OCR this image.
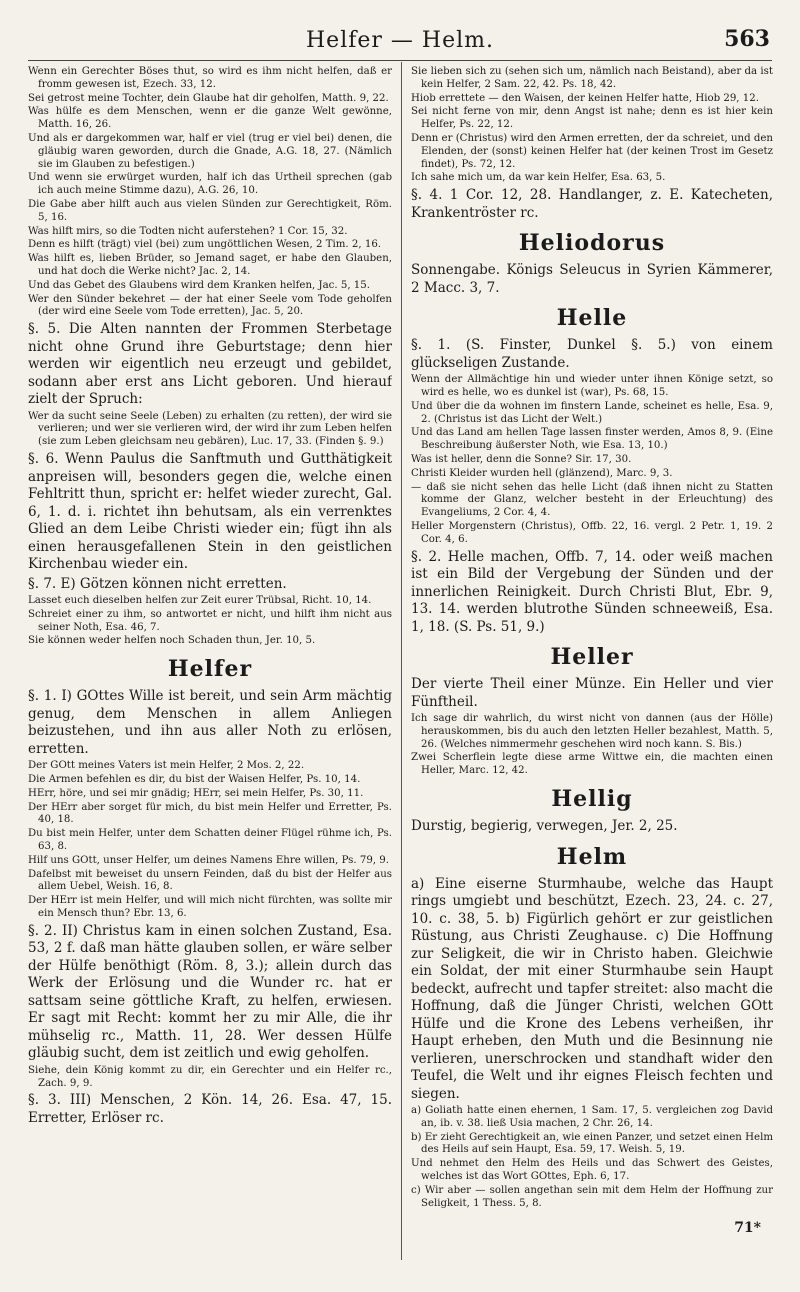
Helfer — Helm.	563

Wenn ein Gerechter Böses thut, so wird es ihm nicht helfen, daß er fromm gewesen ist, Ezech. 33, 12.

Sei getrost meine Tochter, dein Glaube hat dir geholfen, Matth. 9, 22.

Was hülfe es dem Menschen, wenn er die ganze Welt gewönne, Matth. 16, 26.

Und als er dargekommen war, half er viel (trug er viel bei) denen, die gläubig waren geworden, durch die Gnade, A.G. 18, 27. (Nämlich sie im Glauben zu befestigen.)

Und wenn sie erwürget wurden, half ich das Urtheil sprechen (gab ich auch meine Stimme dazu), A.G. 26, 10.

Die Gabe aber hilft auch aus vielen Sünden zur Gerechtigkeit, Röm. 5, 16.

Was hilft mirs, so die Todten nicht auferstehen? 1 Cor. 15, 32.

Denn es hilft (trägt) viel (bei) zum ungöttlichen Wesen, 2 Tim. 2, 16.

Was hilft es, lieben Brüder, so Jemand saget, er habe den Glauben, und hat doch die Werke nicht? Jac. 2, 14.

Und das Gebet des Glaubens wird dem Kranken helfen, Jac. 5, 15.

Wer den Sünder bekehret — der hat einer Seele vom Tode geholfen (der wird eine Seele vom Tode erretten), Jac. 5, 20.

§. 5. Die Alten nannten der Frommen Sterbetage nicht ohne Grund ihre Geburtstage; denn hier werden wir eigentlich neu erzeugt und gebildet, sodann aber erst ans Licht geboren. Und hierauf zielt der Spruch:

Wer da sucht seine Seele (Leben) zu erhalten (zu retten), der wird sie verlieren; und wer sie verlieren wird, der wird ihr zum Leben helfen (sie zum Leben gleichsam neu gebären), Luc. 17, 33. (Finden §. 9.)

§. 6. Wenn Paulus die Sanftmuth und Gutthätigkeit anpreisen will, besonders gegen die, welche einen Fehltritt thun, spricht er: helfet wieder zurecht, Gal. 6, 1. d. i. richtet ihn behutsam, als ein verrenktes Glied an dem Leibe Christi wieder ein; fügt ihn als einen herausgefallenen Stein in den geistlichen Kirchenbau wieder ein.

§. 7. E) Götzen können nicht erretten.

Lasset euch dieselben helfen zur Zeit eurer Trübsal, Richt. 10, 14.

Schreiet einer zu ihm, so antwortet er nicht, und hilft ihm nicht aus seiner Noth, Esa. 46, 7.

Sie können weder helfen noch Schaden thun, Jer. 10, 5.

Helfer

§. 1. I) GOttes Wille ist bereit, und sein Arm mächtig genug, dem Menschen in allem Anliegen beizustehen, und ihn aus aller Noth zu erlösen, erretten.

Der GOtt meines Vaters ist mein Helfer, 2 Mos. 2, 22.

Die Armen befehlen es dir, du bist der Waisen Helfer, Ps. 10, 14.

HErr, höre, und sei mir gnädig; HErr, sei mein Helfer, Ps. 30, 11.

Der HErr aber sorget für mich, du bist mein Helfer und Erretter, Ps. 40, 18.

Du bist mein Helfer, unter dem Schatten deiner Flügel rühme ich, Ps. 63, 8.

Hilf uns GOtt, unser Helfer, um deines Namens Ehre willen, Ps. 79, 9.

Dafelbst mit beweiset du unsern Feinden, daß du bist der Helfer aus allem Uebel, Weish. 16, 8.

Der HErr ist mein Helfer, und will mich nicht fürchten, was sollte mir ein Mensch thun? Ebr. 13, 6.

§. 2. II) Christus kam in einen solchen Zustand, Esa. 53, 2 f. daß man hätte glauben sollen, er wäre selber der Hülfe benöthigt (Röm. 8, 3.); allein durch das Werk der Erlösung und die Wunder rc. hat er sattsam seine göttliche Kraft, zu helfen, erwiesen. Er sagt mit Recht: kommt her zu mir Alle, die ihr mühselig rc., Matth. 11, 28. Wer dessen Hülfe gläubig sucht, dem ist zeitlich und ewig geholfen.

Siehe, dein König kommt zu dir, ein Gerechter und ein Helfer rc., Zach. 9, 9.

§. 3. III) Menschen, 2 Kön. 14, 26. Esa. 47, 15. Erretter, Erlöser rc.

Sie lieben sich zu (sehen sich um, nämlich nach Beistand), aber da ist kein Helfer, 2 Sam. 22, 42. Ps. 18, 42.

Hiob errettete — den Waisen, der keinen Helfer hatte, Hiob 29, 12.

Sei nicht ferne von mir, denn Angst ist nahe; denn es ist hier kein Helfer, Ps. 22, 12.

Denn er (Christus) wird den Armen erretten, der da schreiet, und den Elenden, der (sonst) keinen Helfer hat (der keinen Trost im Gesetz findet), Ps. 72, 12.

Ich sahe mich um, da war kein Helfer, Esa. 63, 5.

§. 4. 1 Cor. 12, 28. Handlanger, z. E. Katecheten, Krankentröster rc.

Heliodorus

Sonnengabe. Königs Seleucus in Syrien Kämmerer, 2 Macc. 3, 7.

Helle

§. 1. (S. Finster, Dunkel §. 5.) von einem glückseligen Zustande.

Wenn der Allmächtige hin und wieder unter ihnen Könige setzt, so wird es helle, wo es dunkel ist (war), Ps. 68, 15.

Und über die da wohnen im finstern Lande, scheinet es helle, Esa. 9, 2. (Christus ist das Licht der Welt.)

Und das Land am hellen Tage lassen finster werden, Amos 8, 9. (Eine Beschreibung äußerster Noth, wie Esa. 13, 10.)

Was ist heller, denn die Sonne? Sir. 17, 30.

Christi Kleider wurden hell (glänzend), Marc. 9, 3.

— daß sie nicht sehen das helle Licht (daß ihnen nicht zu Statten komme der Glanz, welcher besteht in der Erleuchtung) des Evangeliums, 2 Cor. 4, 4.

Heller Morgenstern (Christus), Offb. 22, 16. vergl. 2 Petr. 1, 19. 2 Cor. 4, 6.

§. 2. Helle machen, Offb. 7, 14. oder weiß machen ist ein Bild der Vergebung der Sünden und der innerlichen Reinigkeit. Durch Christi Blut, Ebr. 9, 13. 14. werden blutrothe Sünden schneeweiß, Esa. 1, 18. (S. Ps. 51, 9.)

Heller

Der vierte Theil einer Münze. Ein Heller und vier Fünftheil.

Ich sage dir wahrlich, du wirst nicht von dannen (aus der Hölle) herauskommen, bis du auch den letzten Heller bezahlest, Matth. 5, 26. (Welches nimmermehr geschehen wird noch kann. S. Bis.)

Zwei Scherflein legte diese arme Wittwe ein, die machten einen Heller, Marc. 12, 42.

Hellig

Durstig, begierig, verwegen, Jer. 2, 25.

Helm

a) Eine eiserne Sturmhaube, welche das Haupt rings umgiebt und beschützt, Ezech. 23, 24. c. 27, 10. c. 38, 5. b) Figürlich gehört er zur geistlichen Rüstung, aus Christi Zeughause. c) Die Hoffnung zur Seligkeit, die wir in Christo haben. Gleichwie ein Soldat, der mit einer Sturmhaube sein Haupt bedeckt, aufrecht und tapfer streitet: also macht die Hoffnung, daß die Jünger Christi, welchen GOtt Hülfe und die Krone des Lebens verheißen, ihr Haupt erheben, den Muth und die Besinnung nie verlieren, unerschrocken und standhaft wider den Teufel, die Welt und ihr eignes Fleisch fechten und siegen.

a) Goliath hatte einen ehernen, 1 Sam. 17, 5. vergleichen zog David an, ib. v. 38. ließ Usia machen, 2 Chr. 26, 14.

b) Er zieht Gerechtigkeit an, wie einen Panzer, und setzet einen Helm des Heils auf sein Haupt, Esa. 59, 17. Weish. 5, 19.

Und nehmet den Helm des Heils und das Schwert des Geistes, welches ist das Wort GOttes, Eph. 6, 17.

c) Wir aber — sollen angethan sein mit dem Helm der Hoffnung zur Seligkeit, 1 Thess. 5, 8.

71*
